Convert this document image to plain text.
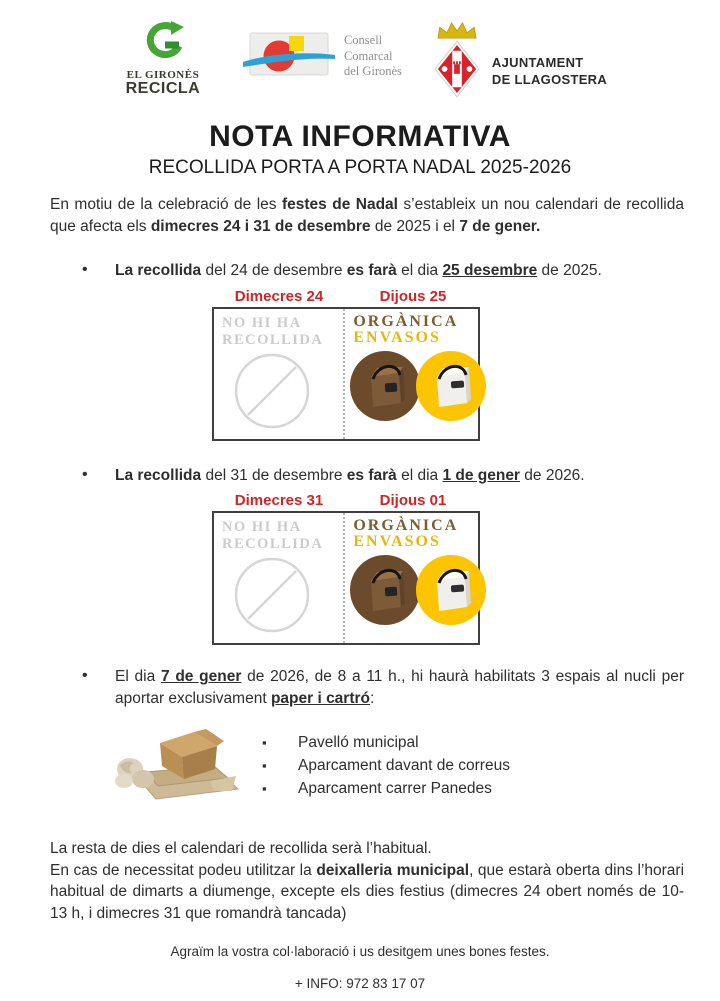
EL GIRONÈS
RECICLA
Consell
Comarcal
del Gironès
AJUNTAMENT
DE LLAGOSTERA
NOTA INFORMATIVA
RECOLLIDA PORTA A PORTA NADAL 2025-2026

En motiu de la celebració de les festes de Nadal s’estableix un nou calendari de recollida que afecta els dimecres 24 i 31 de desembre de 2025 i el 7 de gener.

• La recollida del 24 de desembre es farà el dia 25 desembre de 2025.
Dimecres 24	Dijous 25
NO HI HA
RECOLLIDA
ORGÀNICA
ENVASOS
• La recollida del 31 de desembre es farà el dia 1 de gener de 2026.
Dimecres 31	Dijous 01
NO HI HA
RECOLLIDA
ORGÀNICA
ENVASOS
• El dia 7 de gener de 2026, de 8 a 11 h., hi haurà habilitats 3 espais al nucli per aportar exclusivament paper i cartró:
▪ Pavelló municipal
▪ Aparcament davant de correus
▪ Aparcament carrer Panedes

La resta de dies el calendari de recollida serà l’habitual.

En cas de necessitat podeu utilitzar la deixalleria municipal, que estarà oberta dins l’horari habitual de dimarts a diumenge, excepte els dies festius (dimecres 24 obert només de 10-13 h, i dimecres 31 que romandrà tancada)

Agraïm la vostra col·laboració i us desitgem unes bones festes.
+ INFO: 972 83 17 07
